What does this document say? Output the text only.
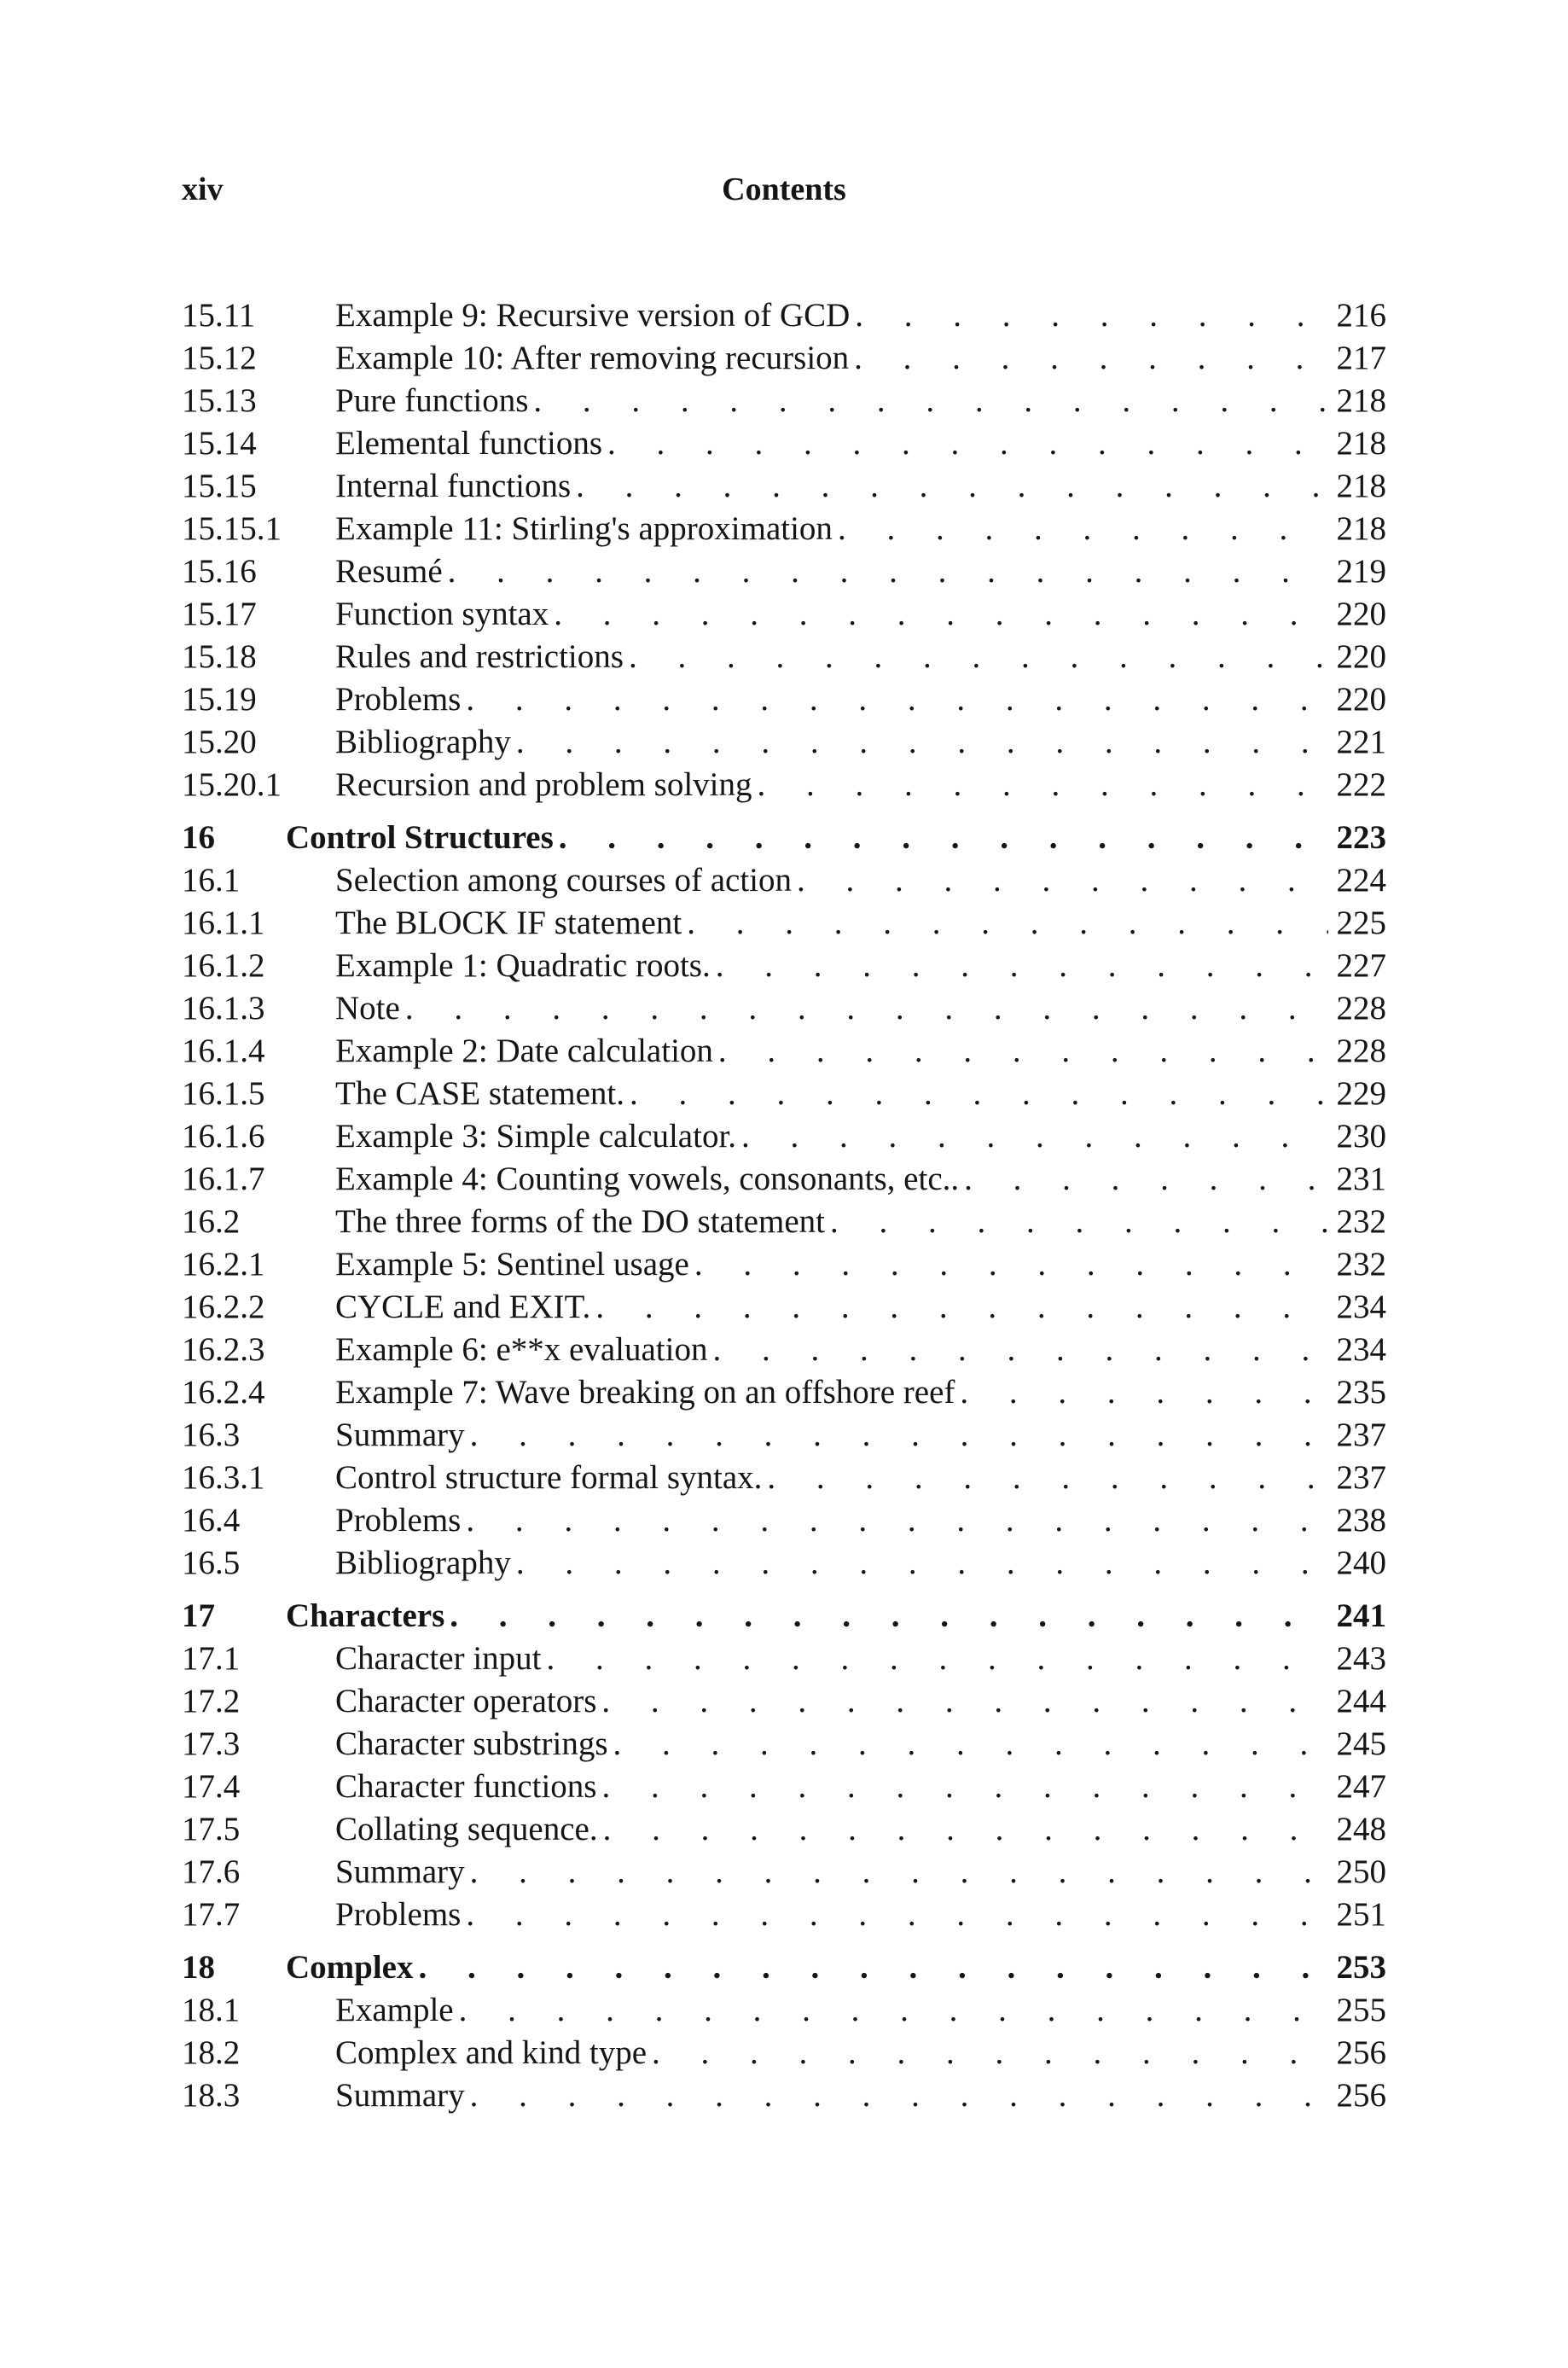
xiv	Contents
15.11 Example 9: Recursive version of GCD . . .	216
15.12 Example 10: After removing recursion . . .	217
15.13 Pure functions . . .	218
15.14 Elemental functions . . .	218
15.15 Internal functions . . .	218
15.15.1 Example 11: Stirling's approximation . . .	218
15.16 Resumé . . .	219
15.17 Function syntax . . .	220
15.18 Rules and restrictions . . .	220
15.19 Problems . . .	220
15.20 Bibliography . . .	221
15.20.1 Recursion and problem solving . . .	222
16 Control Structures . . .	223
16.1	Selection among courses of action . . .	224
16.1.1 The BLOCK IF statement . . .	225
16.1.2 Example 1: Quadratic roots. . . .	227
16.1.3 Note . . .	228
16.1.4 Example 2: Date calculation . . .	228
16.1.5 The CASE statement. . . .	229
16.1.6 Example 3: Simple calculator. . . .	230
16.1.7 Example 4: Counting vowels, consonants, etc.. . . .	231
16.2	The three forms of the DO statement . . .	232
16.2.1 Example 5: Sentinel usage . . .	232
16.2.2 CYCLE and EXIT. . . .	234
16.2.3 Example 6: e**x evaluation . . .	234
16.2.4 Example 7: Wave breaking on an offshore reef . . .	235
16.3	Summary . . .	237
16.3.1 Control structure formal syntax. . . .	237
16.4	Problems . . .	238
16.5	Bibliography . . .	240
17 Characters . . .	241
17.1	Character input . . .	243
17.2	Character operators . . .	244
17.3	Character substrings . . .	245
17.4	Character functions . . .	247
17.5	Collating sequence. . . .	248
17.6	Summary . . .	250
17.7	Problems . . .	251
18 Complex . . .	253
18.1	Example . . .	255
18.2	Complex and kind type . . .	256
18.3	Summary . . .	256
